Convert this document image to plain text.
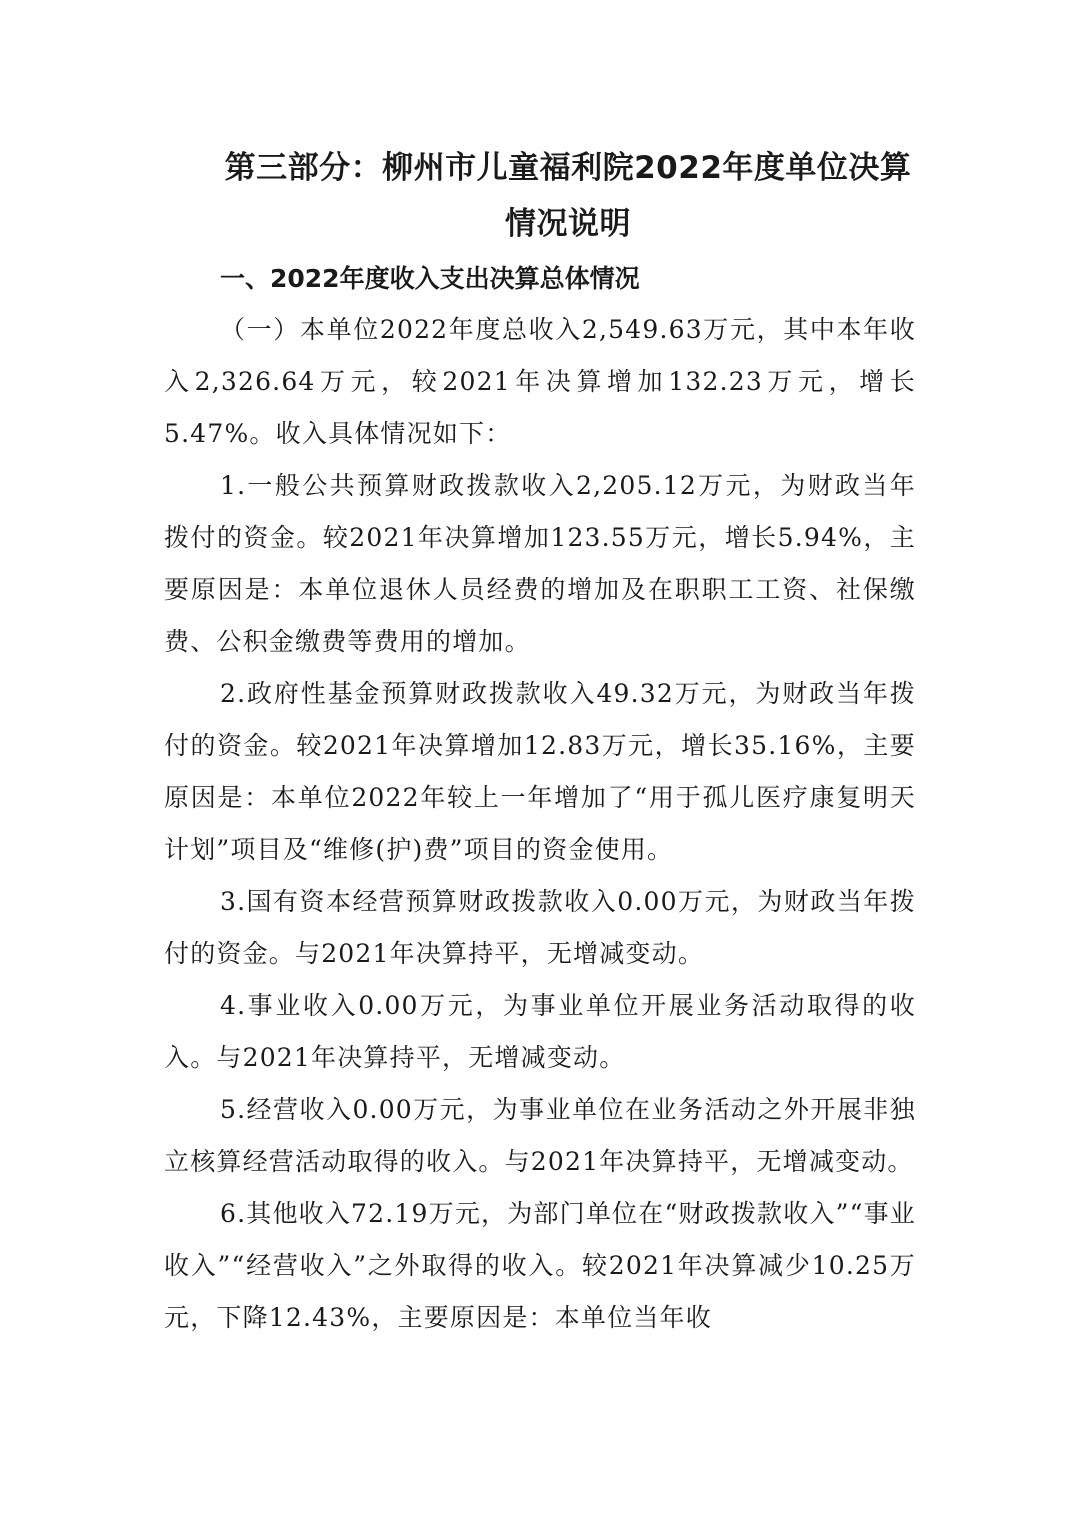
第三部分：柳州市儿童福利院2022年度单位决算
情况说明

一、2022年度收入支出决算总体情况

（一）本单位2022年度总收入2,549.63万元，其中本年收入2,326.64万元，较2021年决算增加132.23万元，增长5.47%。收入具体情况如下：

1.一般公共预算财政拨款收入2,205.12万元，为财政当年拨付的资金。较2021年决算增加123.55万元，增长5.94%，主要原因是：本单位退休人员经费的增加及在职职工工资、社保缴费、公积金缴费等费用的增加。

2.政府性基金预算财政拨款收入49.32万元，为财政当年拨付的资金。较2021年决算增加12.83万元，增长35.16%，主要原因是：本单位2022年较上一年增加了“用于孤儿医疗康复明天计划”项目及“维修(护)费”项目的资金使用。

3.国有资本经营预算财政拨款收入0.00万元，为财政当年拨付的资金。与2021年决算持平，无增减变动。

4.事业收入0.00万元，为事业单位开展业务活动取得的收入。与2021年决算持平，无增减变动。

5.经营收入0.00万元，为事业单位在业务活动之外开展非独立核算经营活动取得的收入。与2021年决算持平，无增减变动。

6.其他收入72.19万元，为部门单位在“财政拨款收入”“事业收入”“经营收入”之外取得的收入。较2021年决算减少10.25万元，下降12.43%，主要原因是：本单位当年收
